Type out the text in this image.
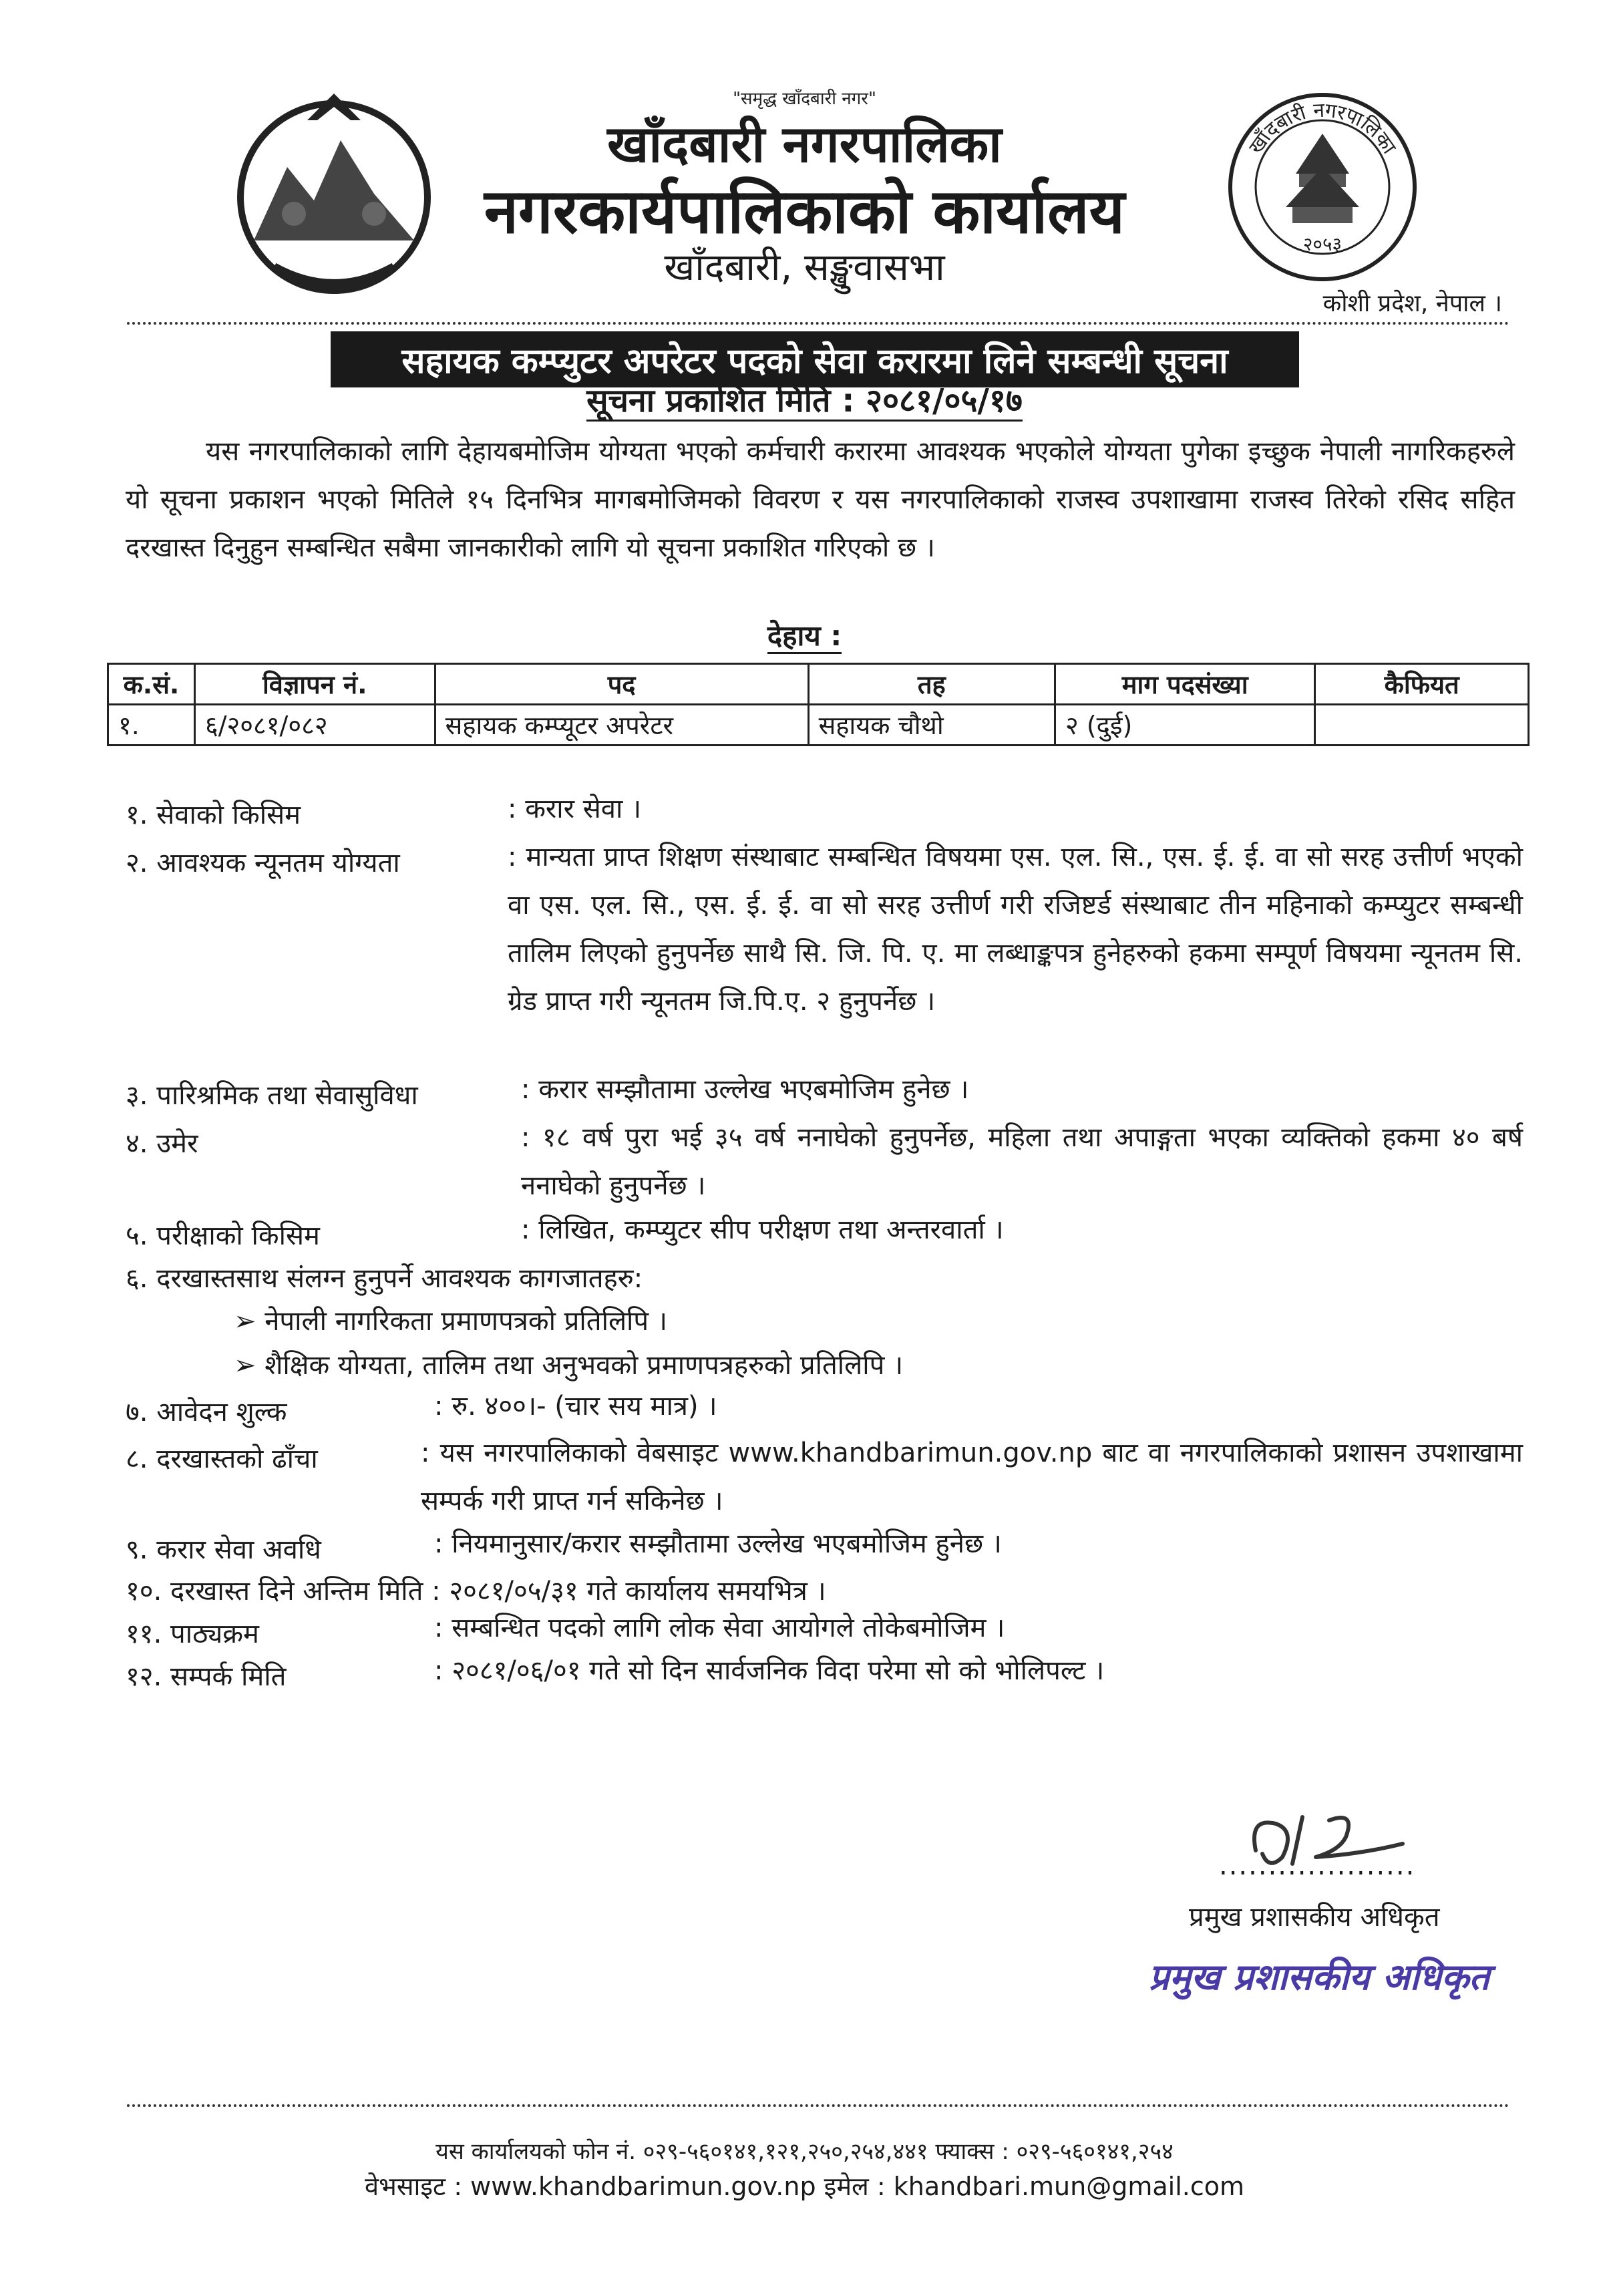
"समृद्ध खाँदबारी नगर"
खाँदबारी नगरपालिका
नगरकार्यपालिकाको कार्यालय
खाँदबारी, सङ्खुवासभा
खाँदबारी नगरपालिका
२०५३
कोशी प्रदेश, नेपाल ।
सहायक कम्प्युटर अपरेटर पदको सेवा करारमा लिने सम्बन्धी सूचना
सूचना प्रकाशित मिति : २०८१/०५/१७
यस नगरपालिकाको लागि देहायबमोजिम योग्यता भएको कर्मचारी करारमा आवश्यक भएकोले योग्यता पुगेका इच्छुक नेपाली नागरिकहरुले यो सूचना प्रकाशन भएको मितिले १५ दिनभित्र मागबमोजिमको विवरण र यस नगरपालिकाको राजस्व उपशाखामा राजस्व तिरेको रसिद सहित दरखास्त दिनुहुन सम्बन्धित सबैमा जानकारीको लागि यो सूचना प्रकाशित गरिएको छ ।
देहाय :
क.सं.	विज्ञापन नं.	पद	तह	माग पदसंख्या	कैफियत
१.	६/२०८१/०८२	सहायक कम्प्यूटर अपरेटर	सहायक चौथो	२ (दुई)	
१. सेवाको किसिम	: करार सेवा ।
२. आवश्यक न्यूनतम योग्यता	: मान्यता प्राप्त शिक्षण संस्थाबाट सम्बन्धित विषयमा एस. एल. सि., एस. ई. ई. वा सो सरह उत्तीर्ण भएको वा एस. एल. सि., एस. ई. ई. वा सो सरह उत्तीर्ण गरी रजिष्टर्ड संस्थाबाट तीन महिनाको कम्प्युटर सम्बन्धी तालिम लिएको हुनुपर्नेछ साथै सि. जि. पि. ए. मा लब्धाङ्कपत्र हुनेहरुको हकमा सम्पूर्ण विषयमा न्यूनतम सि. ग्रेड प्राप्त गरी न्यूनतम जि.पि.ए. २ हुनुपर्नेछ ।
३. पारिश्रमिक तथा सेवासुविधा	: करार सम्झौतामा उल्लेख भएबमोजिम हुनेछ ।
४. उमेर	: १८ वर्ष पुरा भई ३५ वर्ष ननाघेको हुनुपर्नेछ, महिला तथा अपाङ्गता भएका व्यक्तिको हकमा ४० बर्ष ननाघेको हुनुपर्नेछ ।
५. परीक्षाको किसिम	: लिखित, कम्प्युटर सीप परीक्षण तथा अन्तरवार्ता ।
६. दरखास्तसाथ संलग्न हुनुपर्ने आवश्यक कागजातहरु:
➢ नेपाली नागरिकता प्रमाणपत्रको प्रतिलिपि ।
➢ शैक्षिक योग्यता, तालिम तथा अनुभवको प्रमाणपत्रहरुको प्रतिलिपि ।
७. आवेदन शुल्क	: रु. ४००।- (चार सय मात्र) ।
८. दरखास्तको ढाँचा	: यस नगरपालिकाको वेबसाइट www.khandbarimun.gov.np बाट वा नगरपालिकाको प्रशासन उपशाखामा सम्पर्क गरी प्राप्त गर्न सकिनेछ ।
९. करार सेवा अवधि	: नियमानुसार/करार सम्झौतामा उल्लेख भएबमोजिम हुनेछ ।
१०. दरखास्त दिने अन्तिम मिति : २०८१/०५/३१ गते कार्यालय समयभित्र ।
११. पाठ्यक्रम	: सम्बन्धित पदको लागि लोक सेवा आयोगले तोकेबमोजिम ।
१२. सम्पर्क मिति	: २०८१/०६/०१ गते सो दिन सार्वजनिक विदा परेमा सो को भोलिपल्ट ।
....................
प्रमुख प्रशासकीय अधिकृत
प्रमुख प्रशासकीय अधिकृत
यस कार्यालयको फोन नं. ०२९-५६०१४१,१२१,२५०,२५४,४४१ फ्याक्स : ०२९-५६०१४१,२५४
वेभसाइट : www.khandbarimun.gov.np इमेल : khandbari.mun@gmail.com
